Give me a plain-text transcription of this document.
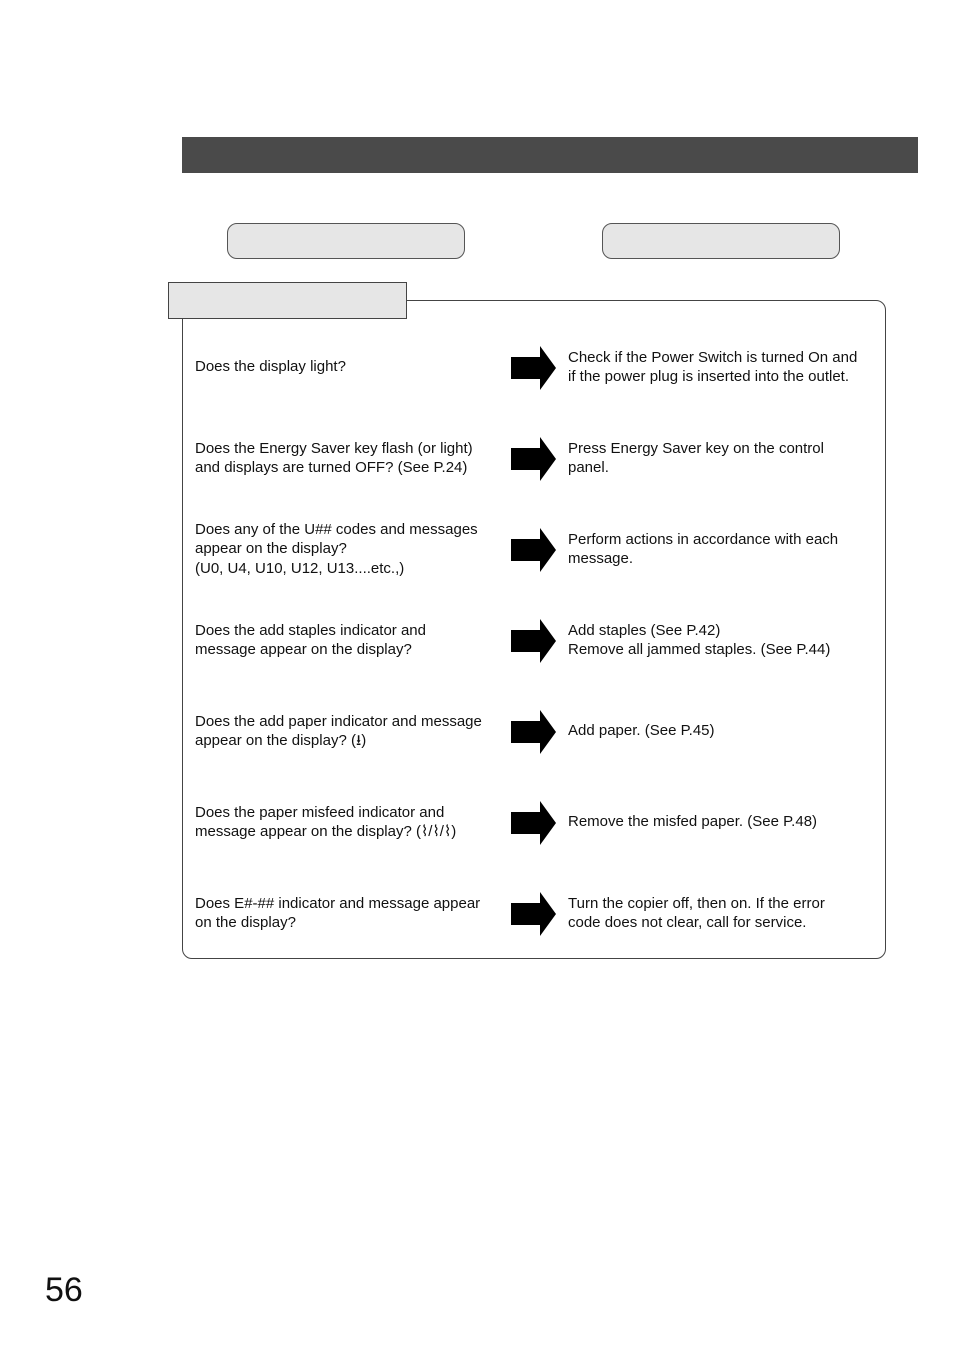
Does the display light?
Check if the Power Switch is turned On and
if the power plug is inserted into the outlet.
Does the Energy Saver key flash (or light)
and displays are turned OFF? (See P.24)
Press Energy Saver key on the control
panel.
Does any of the U## codes and messages
appear on the display?
(U0, U4, U10, U12, U13....etc.,)
Perform actions in accordance with each
message.
Does the add staples indicator and
message appear on the display?
Add staples (See P.42)
Remove all jammed staples. (See P.44)
Does the add paper indicator and message
appear on the display? (⭳)
Add paper. (See P.45)
Does the paper misfeed indicator and
message appear on the display? (⌇/⌇/⌇)
Remove the misfed paper. (See P.48)
Does E#-## indicator and message appear
on the display?
Turn the copier off, then on. If the error
code does not clear, call for service.
56
